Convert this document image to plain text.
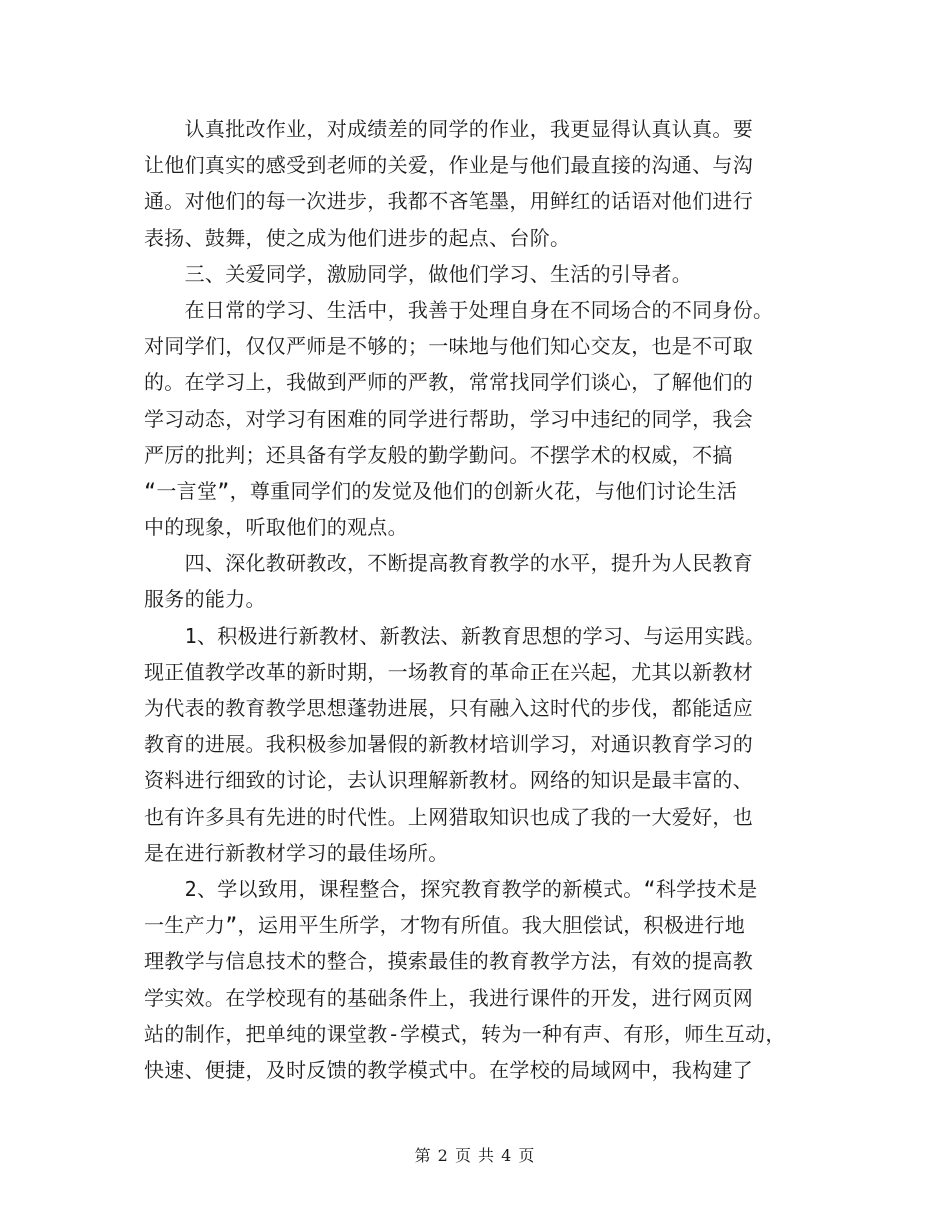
　　认真批改作业，对成绩差的同学的作业，我更显得认真认真。要
让他们真实的感受到老师的关爱，作业是与他们最直接的沟通、与沟
通。对他们的每一次进步，我都不吝笔墨，用鲜红的话语对他们进行
表扬、鼓舞，使之成为他们进步的起点、台阶。
　　三、关爱同学，激励同学，做他们学习、生活的引导者。
　　在日常的学习、生活中，我善于处理自身在不同场合的不同身份。
对同学们，仅仅严师是不够的；一味地与他们知心交友，也是不可取
的。在学习上，我做到严师的严教，常常找同学们谈心，了解他们的
学习动态，对学习有困难的同学进行帮助，学习中违纪的同学，我会
严厉的批判；还具备有学友般的勤学勤问。不摆学术的权威，不搞
“一言堂”，尊重同学们的发觉及他们的创新火花，与他们讨论生活
中的现象，听取他们的观点。
　　四、深化教研教改，不断提高教育教学的水平，提升为人民教育
服务的能力。
　　1、积极进行新教材、新教法、新教育思想的学习、与运用实践。
现正值教学改革的新时期，一场教育的革命正在兴起，尤其以新教材
为代表的教育教学思想蓬勃进展，只有融入这时代的步伐，都能适应
教育的进展。我积极参加暑假的新教材培训学习，对通识教育学习的
资料进行细致的讨论，去认识理解新教材。网络的知识是最丰富的、
也有许多具有先进的时代性。上网猎取知识也成了我的一大爱好，也
是在进行新教材学习的最佳场所。
　　2、学以致用，课程整合，探究教育教学的新模式。“科学技术是
一生产力”，运用平生所学，才物有所值。我大胆偿试，积极进行地
理教学与信息技术的整合，摸索最佳的教育教学方法，有效的提高教
学实效。在学校现有的基础条件上，我进行课件的开发，进行网页网
站的制作，把单纯的课堂教-学模式，转为一种有声、有形，师生互动，
快速、便捷，及时反馈的教学模式中。在学校的局域网中，我构建了
第 2 页 共 4 页
